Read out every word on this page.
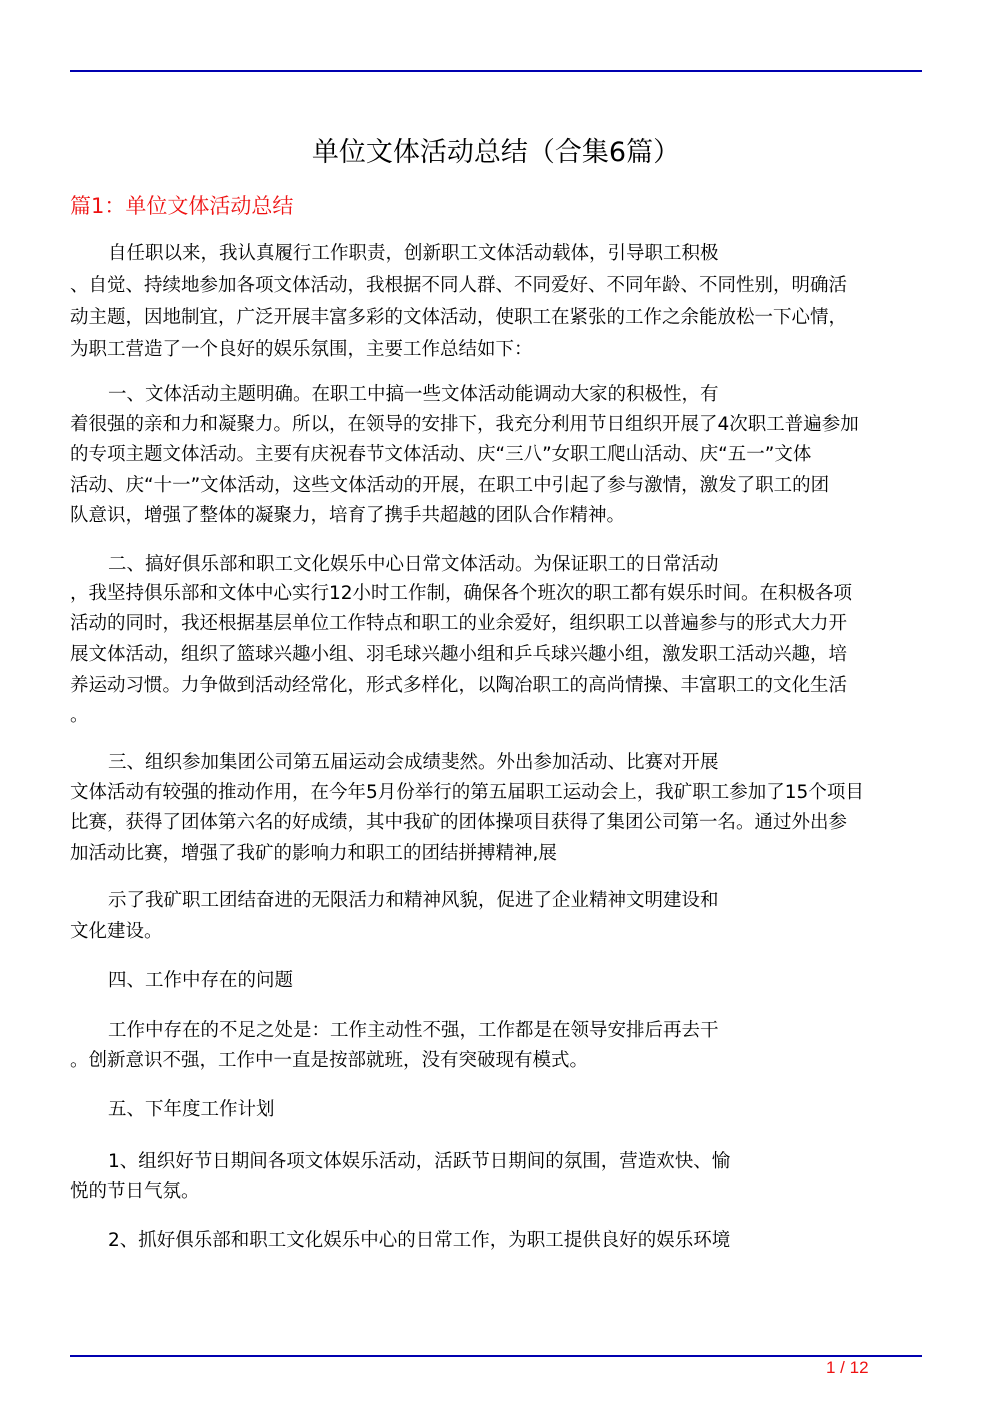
单位文体活动总结（合集6篇）
篇1：单位文体活动总结
自任职以来，我认真履行工作职责，创新职工文体活动载体，引导职工积极
、自觉、持续地参加各项文体活动，我根据不同人群、不同爱好、不同年龄、不同性别，明确活
动主题，因地制宜，广泛开展丰富多彩的文体活动，使职工在紧张的工作之余能放松一下心情，
为职工营造了一个良好的娱乐氛围，主要工作总结如下：
一、文体活动主题明确。在职工中搞一些文体活动能调动大家的积极性，有
着很强的亲和力和凝聚力。所以，在领导的安排下，我充分利用节日组织开展了4次职工普遍参加
的专项主题文体活动。主要有庆祝春节文体活动、庆“三八”女职工爬山活动、庆“五一”文体
活动、庆“十一”文体活动，这些文体活动的开展，在职工中引起了参与激情，激发了职工的团
队意识，增强了整体的凝聚力，培育了携手共超越的团队合作精神。
二、搞好俱乐部和职工文化娱乐中心日常文体活动。为保证职工的日常活动
，我坚持俱乐部和文体中心实行12小时工作制，确保各个班次的职工都有娱乐时间。在积极各项
活动的同时，我还根据基层单位工作特点和职工的业余爱好，组织职工以普遍参与的形式大力开
展文体活动，组织了篮球兴趣小组、羽毛球兴趣小组和乒乓球兴趣小组，激发职工活动兴趣，培
养运动习惯。力争做到活动经常化，形式多样化，以陶冶职工的高尚情操、丰富职工的文化生活
。
三、组织参加集团公司第五届运动会成绩斐然。外出参加活动、比赛对开展
文体活动有较强的推动作用，在今年5月份举行的第五届职工运动会上，我矿职工参加了15个项目
比赛，获得了团体第六名的好成绩，其中我矿的团体操项目获得了集团公司第一名。通过外出参
加活动比赛，增强了我矿的影响力和职工的团结拼搏精神,展
示了我矿职工团结奋进的无限活力和精神风貌，促进了企业精神文明建设和
文化建设。
四、工作中存在的问题
工作中存在的不足之处是：工作主动性不强，工作都是在领导安排后再去干
。创新意识不强，工作中一直是按部就班，没有突破现有模式。
五、下年度工作计划
1、组织好节日期间各项文体娱乐活动，活跃节日期间的氛围，营造欢快、愉
悦的节日气氛。
2、抓好俱乐部和职工文化娱乐中心的日常工作，为职工提供良好的娱乐环境
1 / 12
